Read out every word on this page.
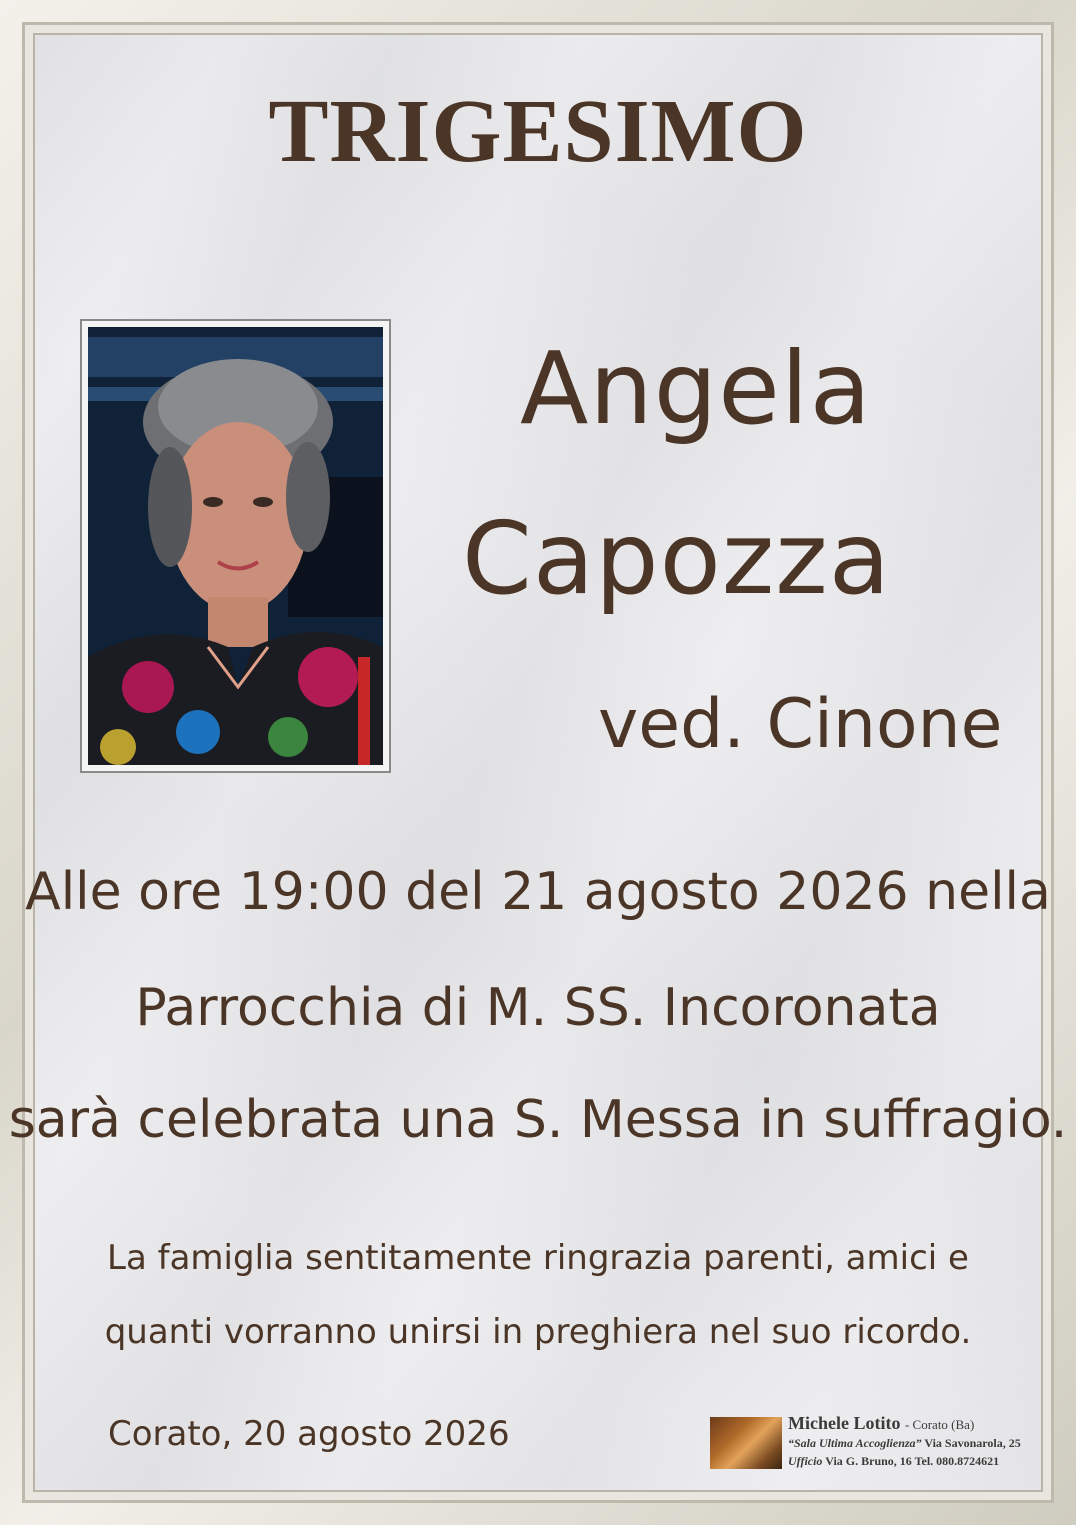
TRIGESIMO

Angela

Capozza

ved. Cinone

Alle ore 19:00 del 21 agosto 2026 nella

Parrocchia di M. SS. Incoronata

sarà celebrata una S. Messa in suffragio.

La famiglia sentitamente ringrazia parenti, amici e

quanti vorranno unirsi in preghiera nel suo ricordo.

Corato, 20 agosto 2026	Michele Lotito - Corato (Ba)
“Sala Ultima Accoglienza” Via Savonarola, 25
Ufficio Via G. Bruno, 16 Tel. 080.8724621
